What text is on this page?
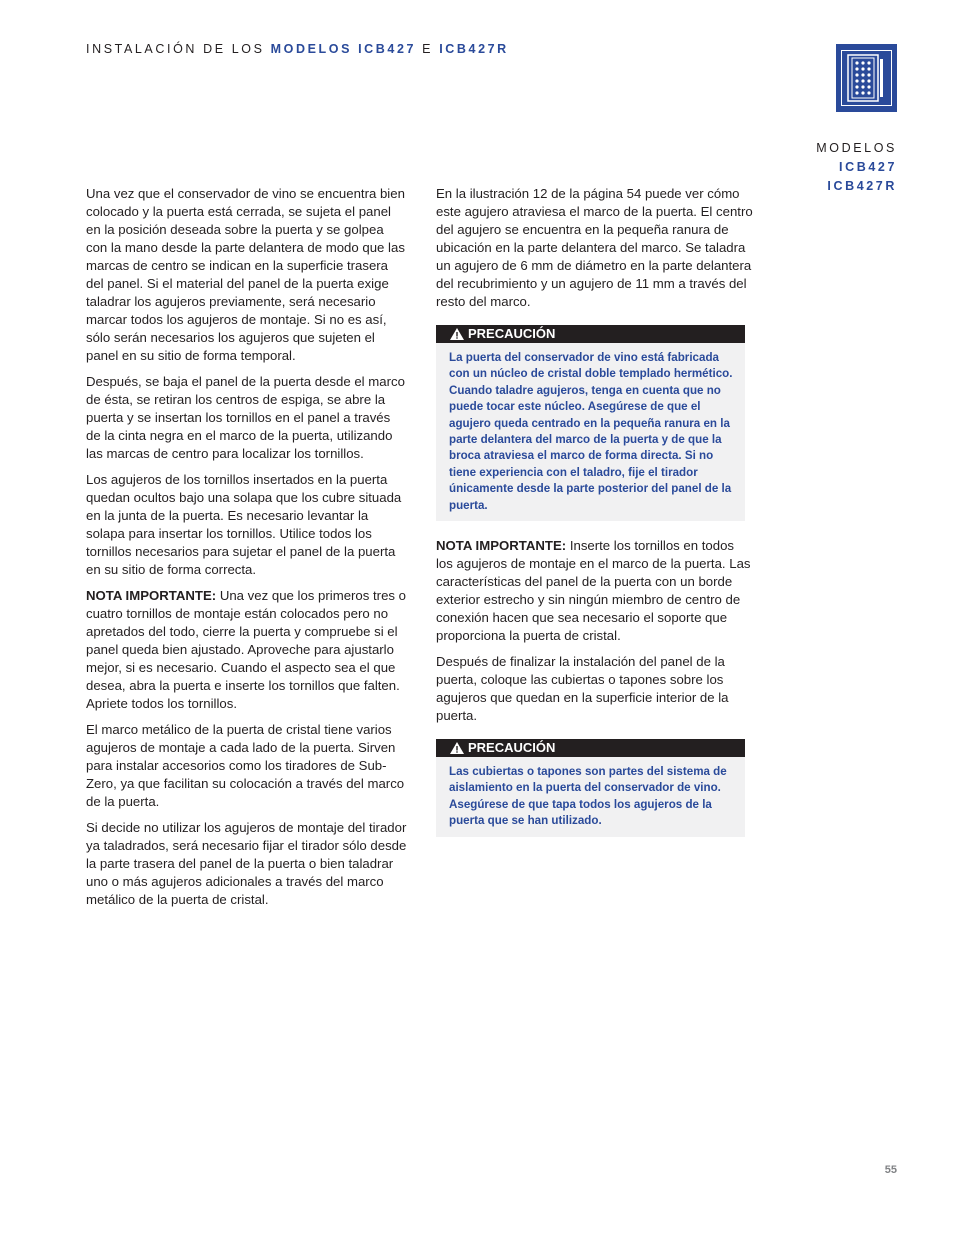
INSTALACIÓN DE LOS MODELOS ICB427 E ICB427R
MODELOS
ICB427
ICB427R

Una vez que el conservador de vino se encuentra bien colocado y la puerta está cerrada, se sujeta el panel en la posición deseada sobre la puerta y se golpea con la mano desde la parte delantera de modo que las marcas de centro se indican en la superficie trasera del panel. Si el material del panel de la puerta exige taladrar los agujeros previamente, será necesario marcar todos los agujeros de montaje. Si no es así, sólo serán necesarios los agujeros que sujeten el panel en su sitio de forma temporal.

Después, se baja el panel de la puerta desde el marco de ésta, se retiran los centros de espiga, se abre la puerta y se insertan los tornillos en el panel a través de la cinta negra en el marco de la puerta, utilizando las marcas de centro para localizar los tornillos.

Los agujeros de los tornillos insertados en la puerta quedan ocultos bajo una solapa que los cubre situada en la junta de la puerta. Es necesario levantar la solapa para insertar los tornillos. Utilice todos los tornillos necesarios para sujetar el panel de la puerta en su sitio de forma correcta.

NOTA IMPORTANTE: Una vez que los primeros tres o cuatro tornillos de montaje están colocados pero no apretados del todo, cierre la puerta y compruebe si el panel queda bien ajustado. Aproveche para ajustarlo mejor, si es necesario. Cuando el aspecto sea el que desea, abra la puerta e inserte los tornillos que falten. Apriete todos los tornillos.

El marco metálico de la puerta de cristal tiene varios agujeros de montaje a cada lado de la puerta. Sirven para instalar accesorios como los tiradores de Sub-Zero, ya que facilitan su colocación a través del marco de la puerta.

Si decide no utilizar los agujeros de montaje del tirador ya taladrados, será necesario fijar el tirador sólo desde la parte trasera del panel de la puerta o bien taladrar uno o más agujeros adicionales a través del marco metálico de la puerta de cristal.

En la ilustración 12 de la página 54 puede ver cómo este agujero atraviesa el marco de la puerta. El centro del agujero se encuentra en la pequeña ranura de ubicación en la parte delantera del marco. Se taladra un agujero de 6 mm de diámetro en la parte delantera del recubrimiento y un agujero de 11 mm a través del resto del marco.

PRECAUCIÓN
La puerta del conservador de vino está fabricada con un núcleo de cristal doble templado hermético. Cuando taladre agujeros, tenga en cuenta que no puede tocar este núcleo. Asegúrese de que el agujero queda centrado en la pequeña ranura en la parte delantera del marco de la puerta y de que la broca atraviesa el marco de forma directa. Si no tiene experiencia con el taladro, fije el tirador únicamente desde la parte posterior del panel de la puerta.

NOTA IMPORTANTE: Inserte los tornillos en todos los agujeros de montaje en el marco de la puerta. Las características del panel de la puerta con un borde exterior estrecho y sin ningún miembro de centro de conexión hacen que sea necesario el soporte que proporciona la puerta de cristal.

Después de finalizar la instalación del panel de la puerta, coloque las cubiertas o tapones sobre los agujeros que quedan en la superficie interior de la puerta.

PRECAUCIÓN
Las cubiertas o tapones son partes del sistema de aislamiento en la puerta del conservador de vino. Asegúrese de que tapa todos los agujeros de la puerta que se han utilizado.
55
